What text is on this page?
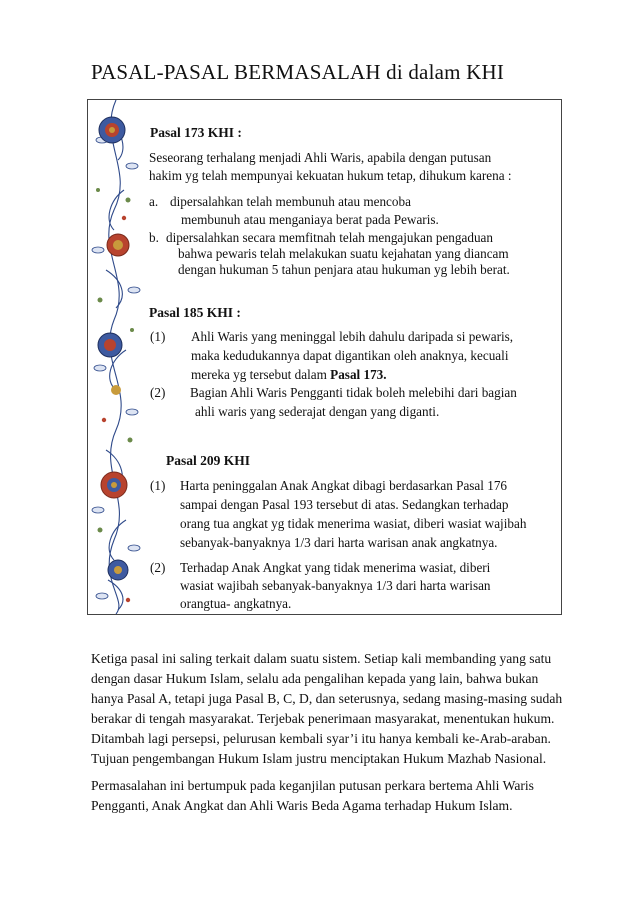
PASAL-PASAL BERMASALAH di dalam KHI
Pasal 173 KHI :
Seseorang terhalang menjadi Ahli Waris, apabila dengan putusan
hakim yg telah mempunyai kekuatan hukum tetap, dihukum karena :
a. dipersalahkan telah membunuh atau mencoba
membunuh atau menganiaya berat pada Pewaris.
b. dipersalahkan secara memfitnah telah mengajukan pengaduan
bahwa pewaris telah melakukan suatu kejahatan yang diancam
dengan hukuman 5 tahun penjara atau hukuman yg lebih berat.
Pasal 185 KHI :
(1) Ahli Waris yang meninggal lebih dahulu daripada si pewaris,
maka kedudukannya dapat digantikan oleh anaknya, kecuali
mereka yg tersebut dalam Pasal 173.
(2) Bagian Ahli Waris Pengganti tidak boleh melebihi dari bagian
ahli waris yang sederajat dengan yang diganti.
Pasal 209 KHI
(1) Harta peninggalan Anak Angkat dibagi berdasarkan Pasal 176
sampai dengan Pasal 193 tersebut di atas. Sedangkan terhadap
orang tua angkat yg tidak menerima wasiat, diberi wasiat wajibah
sebanyak-banyaknya 1/3 dari harta warisan anak angkatnya.
(2) Terhadap Anak Angkat yang tidak menerima wasiat, diberi
wasiat wajibah sebanyak-banyaknya 1/3 dari harta warisan
orangtua- angkatnya.
Ketiga pasal ini saling terkait dalam suatu sistem. Setiap kali membanding yang satu
dengan dasar Hukum Islam, selalu ada pengalihan kepada yang lain, bahwa bukan
hanya Pasal A, tetapi juga Pasal B, C, D, dan seterusnya, sedang masing-masing sudah
berakar di tengah masyarakat. Terjebak penerimaan masyarakat, menentukan hukum.
Ditambah lagi persepsi, pelurusan kembali syar’i itu hanya kembali ke-Arab-araban.
Tujuan pengembangan Hukum Islam justru menciptakan Hukum Mazhab Nasional.
Permasalahan ini bertumpuk pada keganjilan putusan perkara bertema Ahli Waris
Pengganti, Anak Angkat dan Ahli Waris Beda Agama terhadap Hukum Islam.
